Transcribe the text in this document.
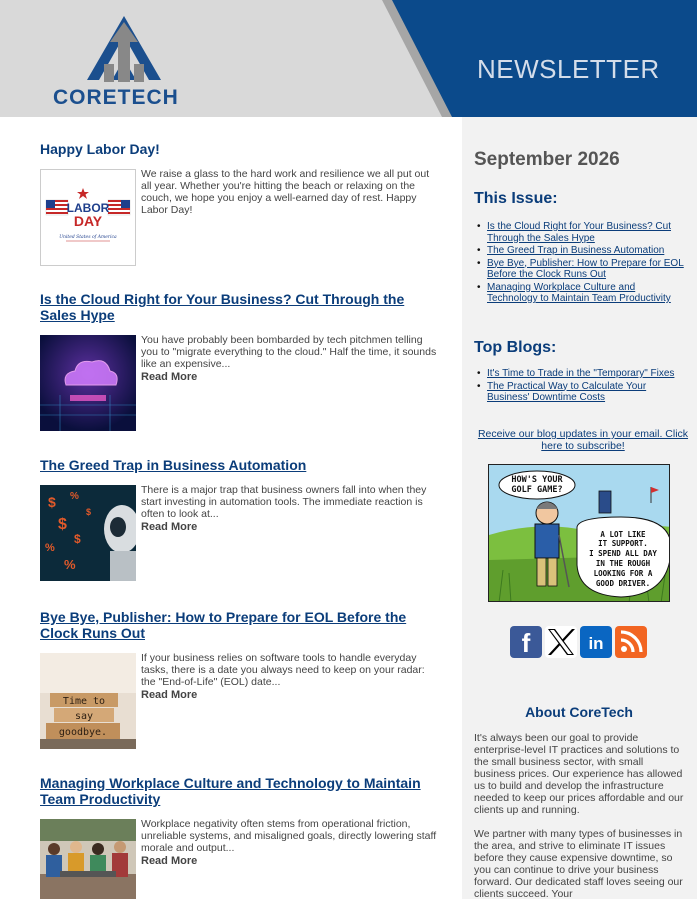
CORETECH
NEWSLETTER
Happy Labor Day!
LABOR
DAY
United States of America
We raise a glass to the hard work and resilience we all put out all year. Whether you're hitting the beach or relaxing on the couch, we hope you enjoy a well-earned day of rest. Happy Labor Day!
Is the Cloud Right for Your Business? Cut Through the Sales Hype
You have probably been bombarded by tech pitchmen telling you to "migrate everything to the cloud." Half the time, it sounds like an expensive...
Read More
The Greed Trap in Business Automation
$ %
$
%
$
%
$
There is a major trap that business owners fall into when they start investing in automation tools. The immediate reaction is often to look at...
Read More
Bye Bye, Publisher: How to Prepare for EOL Before the Clock Runs Out
Time to
say
goodbye.
If your business relies on software tools to handle everyday tasks, there is a date you always need to keep on your radar: the "End-of-Life" (EOL) date...
Read More
Managing Workplace Culture and Technology to Maintain Team Productivity
Workplace negativity often stems from operational friction, unreliable systems, and misaligned goals, directly lowering staff morale and output...
Read More
September 2026
This Issue:
• Is the Cloud Right for Your Business? Cut Through the Sales Hype
• The Greed Trap in Business Automation
• Bye Bye, Publisher: How to Prepare for EOL Before the Clock Runs Out
• Managing Workplace Culture and Technology to Maintain Team Productivity
Top Blogs:
• It's Time to Trade in the "Temporary" Fixes
• The Practical Way to Calculate Your Business' Downtime Costs
Receive our blog updates in your email. Click here to subscribe!
HOW'S YOUR
GOLF GAME?
A LOT LIKE
IT SUPPORT.
I SPEND ALL DAY
IN THE ROUGH
LOOKING FOR A
GOOD DRIVER.
f	in
About CoreTech
It's always been our goal to provide enterprise-level IT practices and solutions to the small business sector, with small business prices. Our experience has allowed us to build and develop the infrastructure needed to keep our prices affordable and our clients up and running.
We partner with many types of businesses in the area, and strive to eliminate IT issues before they cause expensive downtime, so you can continue to drive your business forward. Our dedicated staff loves seeing our clients succeed. Your
